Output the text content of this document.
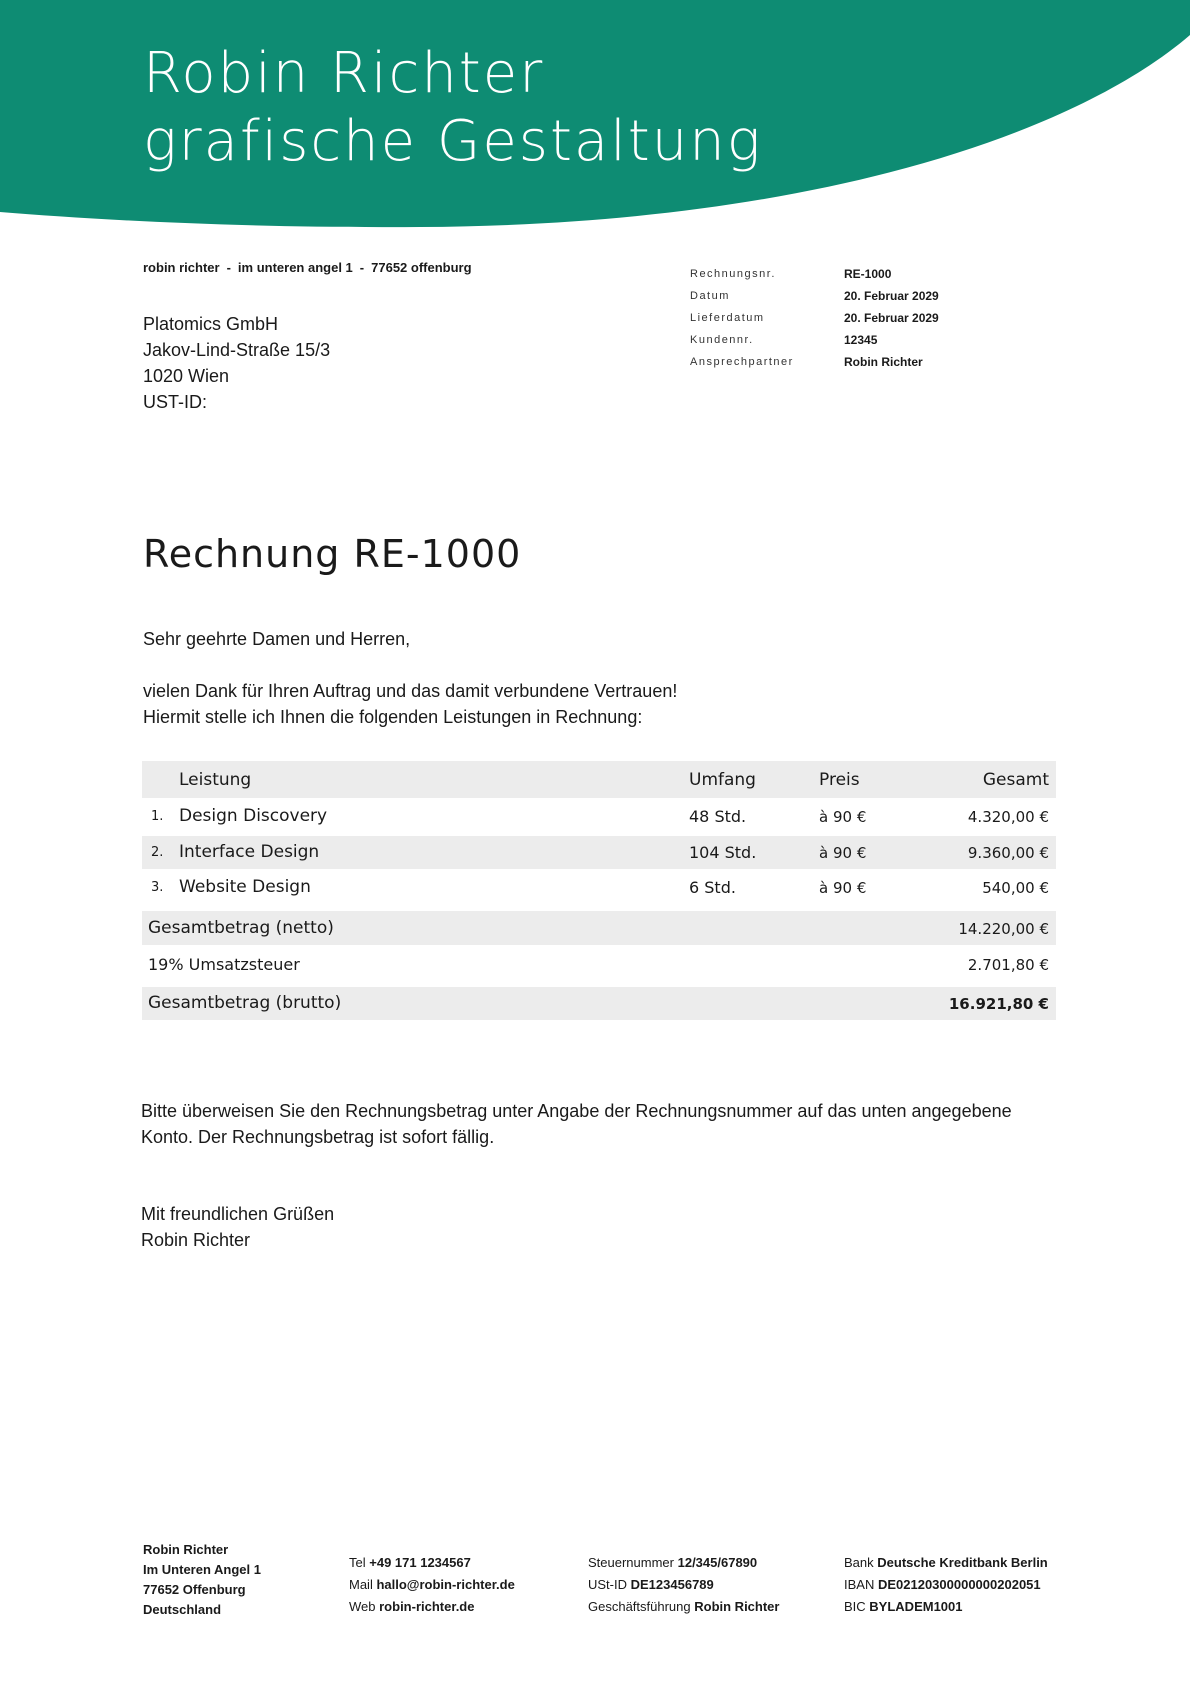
Robin Richter
grafische Gestaltung
robin richter - im unteren angel 1 - 77652 offenburg
Platomics GmbH
Jakov-Lind-Straße 15/3
1020 Wien
UST-ID:
Rechnungsnr.	RE-1000
Datum	20. Februar 2029
Lieferdatum	20. Februar 2029
Kundennr.	12345
Ansprechpartner	Robin Richter
Rechnung RE-1000
Sehr geehrte Damen und Herren,
vielen Dank für Ihren Auftrag und das damit verbundene Vertrauen!
Hiermit stelle ich Ihnen die folgenden Leistungen in Rechnung:
Leistung	Umfang	Preis	Gesamt
1. Design Discovery	48 Std.	à 90 €	4.320,00 €
2. Interface Design	104 Std.	à 90 €	9.360,00 €
3. Website Design	6 Std.	à 90 €	540,00 €
Gesamtbetrag (netto)	14.220,00 €
19% Umsatzsteuer	2.701,80 €
Gesamtbetrag (brutto)	16.921,80 €
Bitte überweisen Sie den Rechnungsbetrag unter Angabe der Rechnungsnummer auf das unten angegebene
Konto. Der Rechnungsbetrag ist sofort fällig.
Mit freundlichen Grüßen
Robin Richter
Robin Richter
Im Unteren Angel 1
77652 Offenburg
Deutschland
Tel +49 171 1234567
Mail hallo@robin-richter.de
Web robin-richter.de
Steuernummer 12/345/67890
USt-ID DE123456789
Geschäftsführung Robin Richter
Bank Deutsche Kreditbank Berlin
IBAN DE02120300000000202051
BIC BYLADEM1001
